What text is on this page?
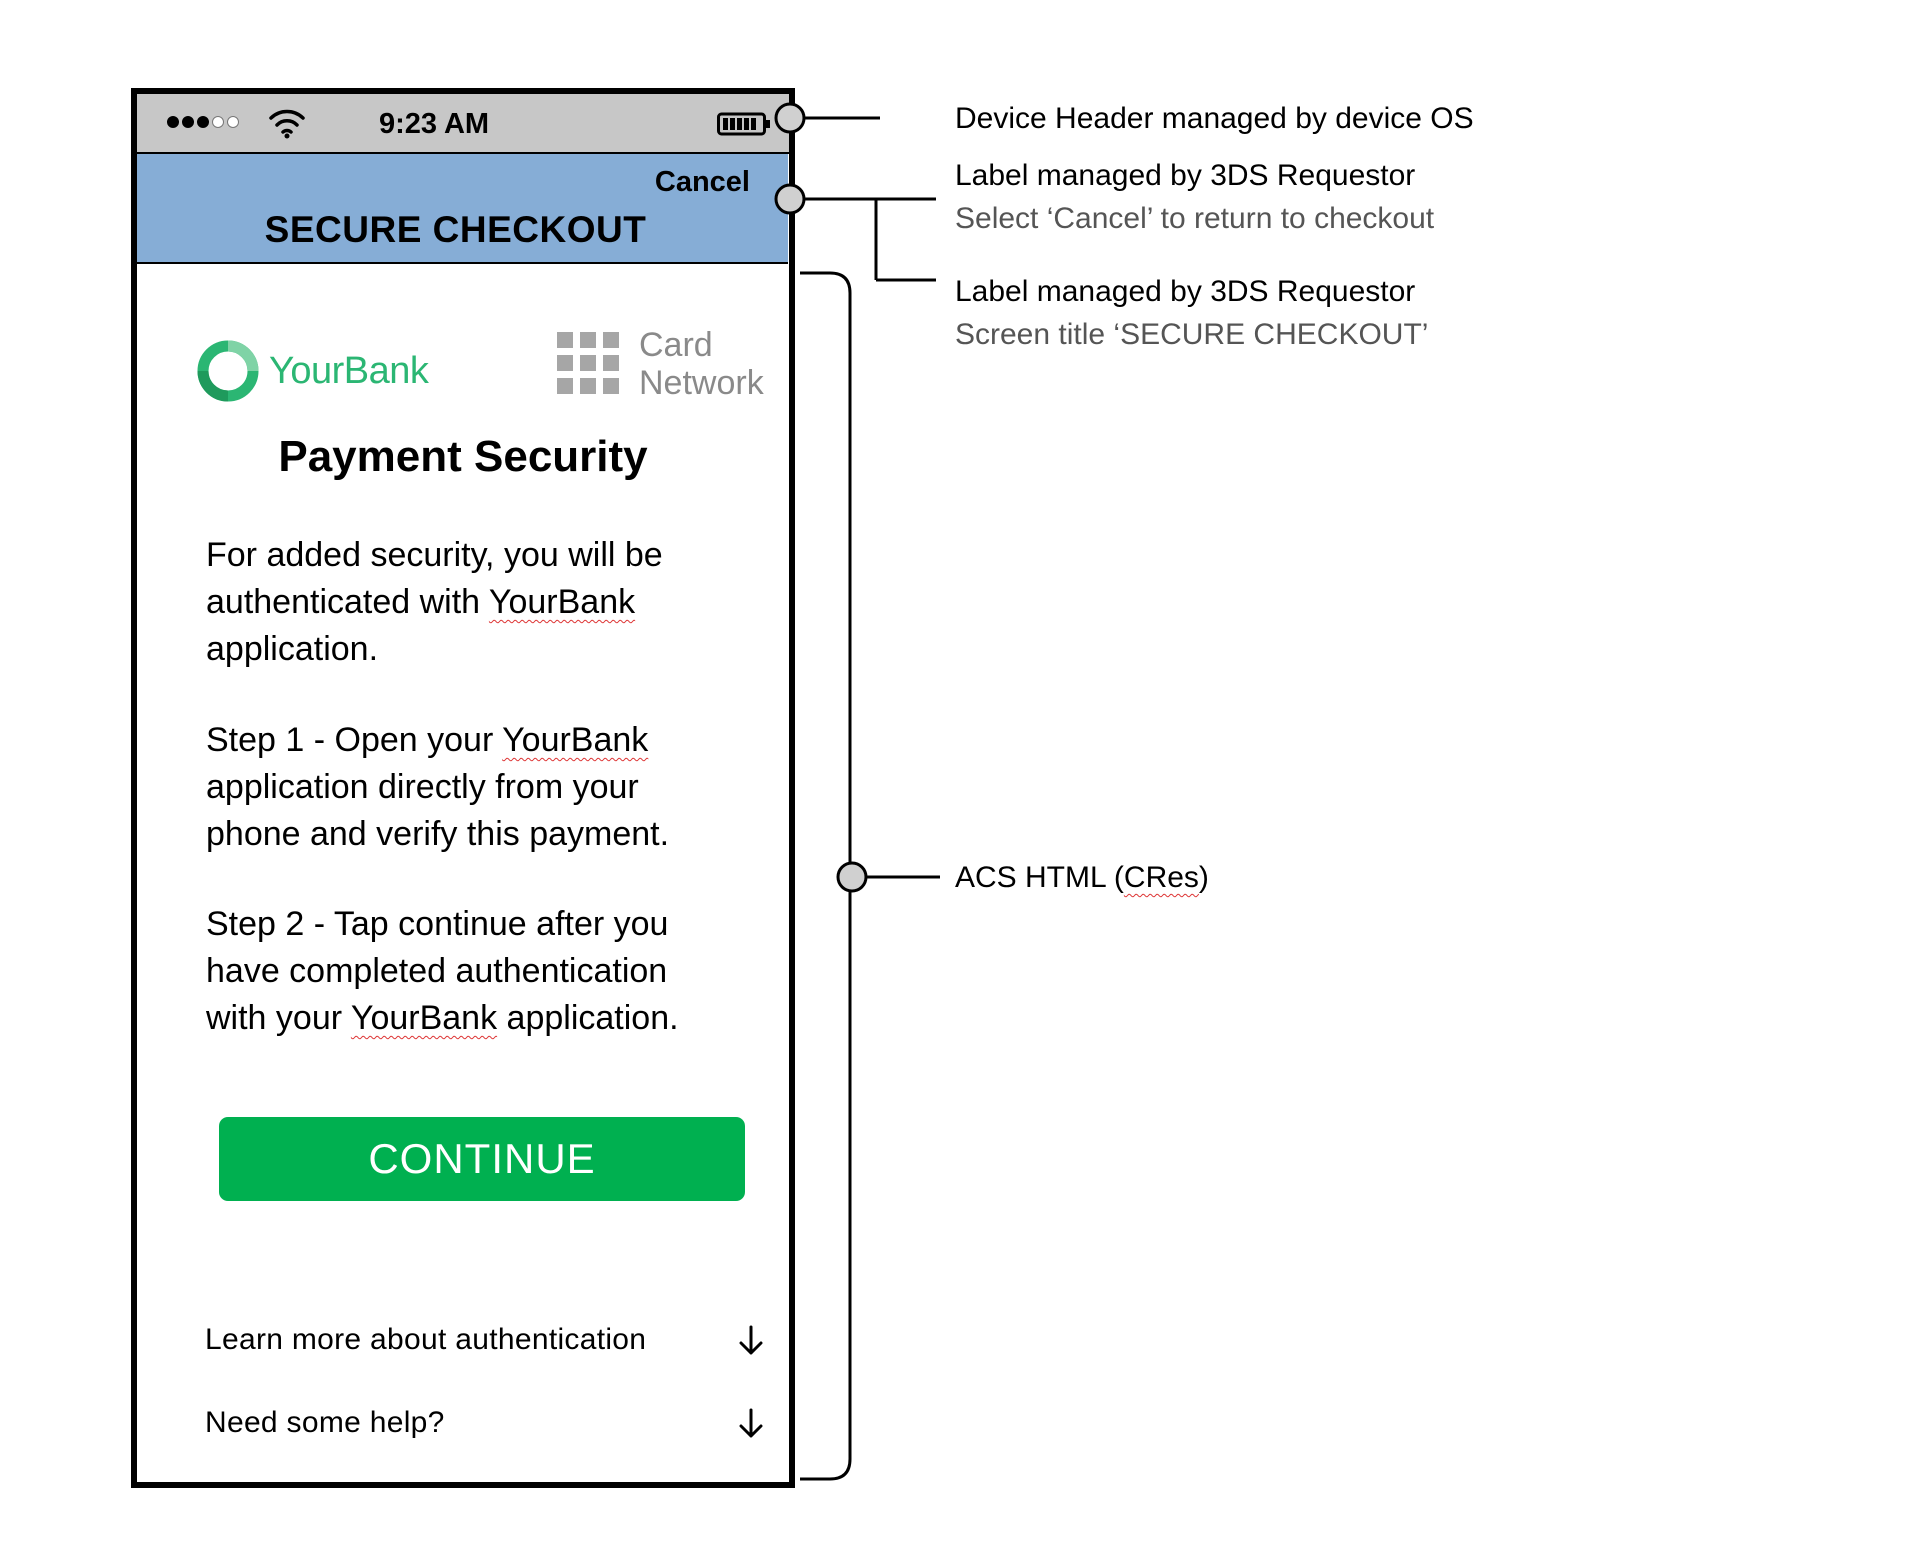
9:23 AM
Cancel
SECURE CHECKOUT
YourBank
Card
Network
Payment Security
For added security, you will be
authenticated with YourBank
application.
Step 1 - Open your YourBank
application directly from your
phone and verify this payment.
Step 2 - Tap continue after you
have completed authentication
with your YourBank application.
CONTINUE
Learn more about authentication
Need some help?
Device Header managed by device OS
Label managed by 3DS Requestor
Select ‘Cancel’ to return to checkout
Label managed by 3DS Requestor
Screen title ‘SECURE CHECKOUT’
ACS HTML (CRes)
